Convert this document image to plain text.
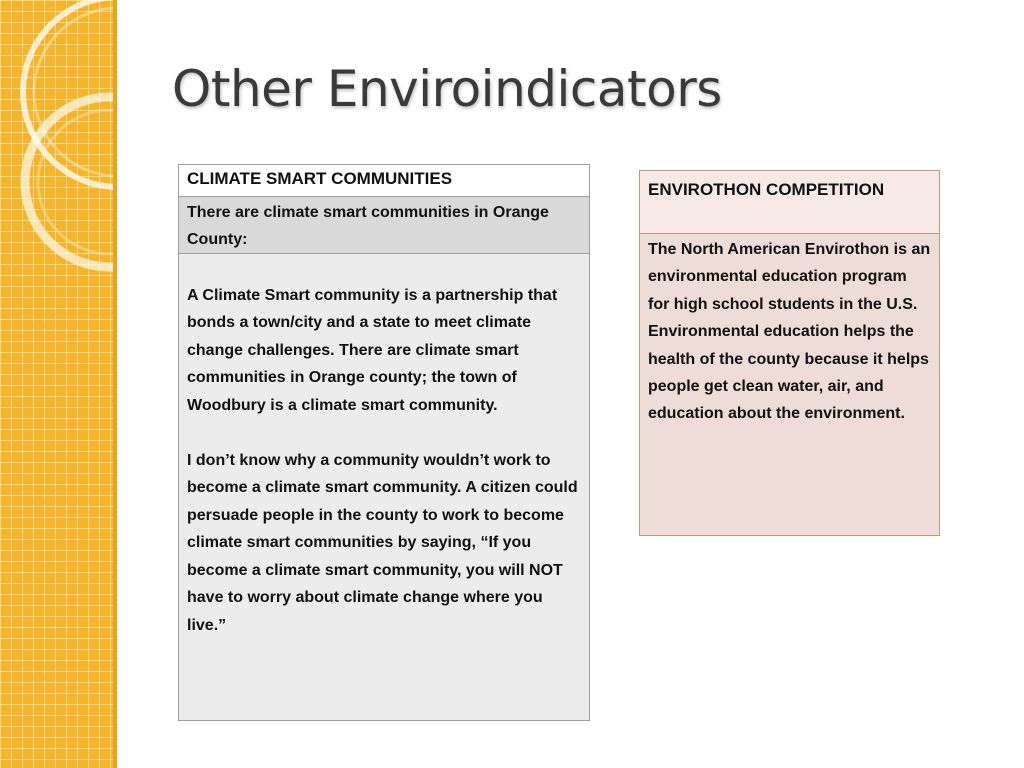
Other Enviroindicators
CLIMATE SMART COMMUNITIES
There are climate smart communities in Orange County:

A Climate Smart community is a partnership that bonds a town/city and a state to meet climate change challenges. There are climate smart communities in Orange county; the town of Woodbury is a climate smart community.

I don’t know why a community wouldn’t work to become a climate smart community. A citizen could persuade people in the county to work to become climate smart communities by saying, “If you become a climate smart community, you will NOT have to worry about climate change where you live.”

ENVIROTHON COMPETITION
The North American Envirothon is an environmental education program for high school students in the U.S. Environmental education helps the health of the county because it helps people get clean water, air, and education about the environment.
